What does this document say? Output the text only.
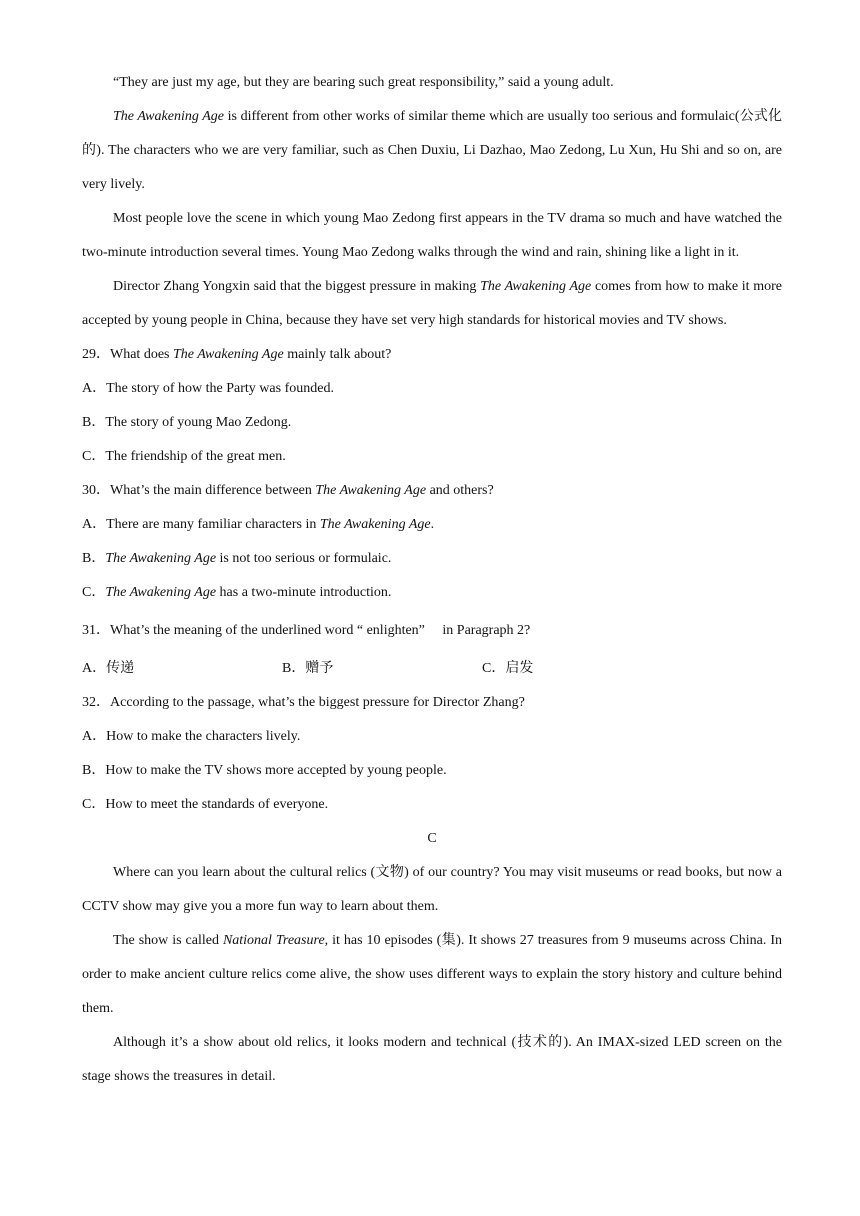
“They are just my age, but they are bearing such great responsibility,” said a young adult.

The Awakening Age is different from other works of similar theme which are usually too serious and formulaic(公式化的). The characters who we are very familiar, such as Chen Duxiu, Li Dazhao, Mao Zedong, Lu Xun, Hu Shi and so on, are very lively.

Most people love the scene in which young Mao Zedong first appears in the TV drama so much and have watched the two-minute introduction several times. Young Mao Zedong walks through the wind and rain, shining like a light in it.

Director Zhang Yongxin said that the biggest pressure in making The Awakening Age comes from how to make it more accepted by young people in China, because they have set very high standards for historical movies and TV shows.

29．What does The Awakening Age mainly talk about?

A．The story of how the Party was founded.

B．The story of young Mao Zedong.

C．The friendship of the great men.

30．What’s the main difference between The Awakening Age and others?

A．There are many familiar characters in The Awakening Age.

B．The Awakening Age is not too serious or formulaic.

C．The Awakening Age has a two-minute introduction.

31．What’s the meaning of the underlined word “ enlighten”　 in Paragraph 2?

A．传递	B．赠予	C．启发

32．According to the passage, what’s the biggest pressure for Director Zhang?

A．How to make the characters lively.

B．How to make the TV shows more accepted by young people.

C．How to meet the standards of everyone.

C

Where can you learn about the cultural relics (文物) of our country? You may visit museums or read books, but now a CCTV show may give you a more fun way to learn about them.

The show is called National Treasure, it has 10 episodes (集). It shows 27 treasures from 9 museums across China. In order to make ancient culture relics come alive, the show uses different ways to explain the story history and culture behind them.

Although it’s a show about old relics, it looks modern and technical (技术的). An IMAX-sized LED screen on the stage shows the treasures in detail.
